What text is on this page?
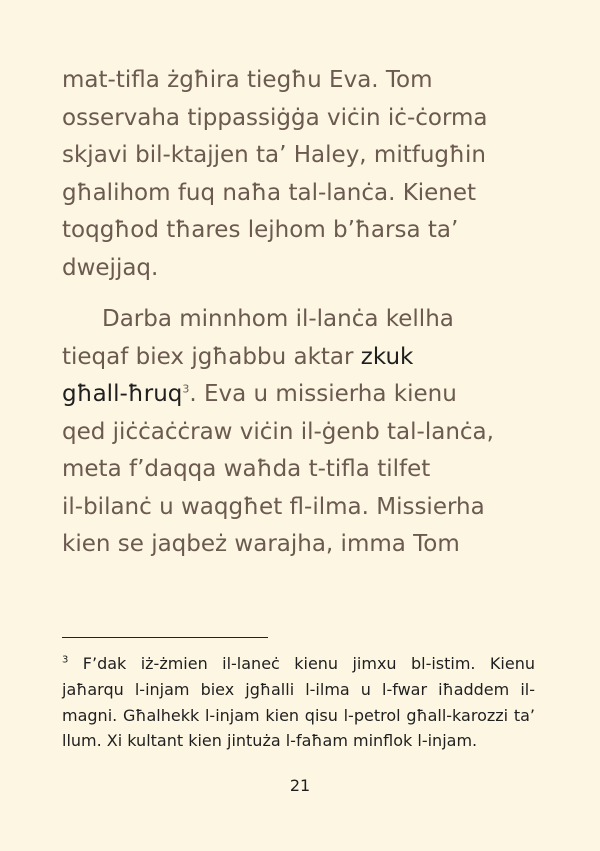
mat-tifla żgħira tiegħu Eva. Tom
osservaha tippassiġġa viċin iċ-ċorma
skjavi bil-ktajjen ta’ Haley, mitfugħin
għalihom fuq naħa tal-lanċa. Kienet
toqgħod tħares lejhom b’ħarsa ta’
dwejjaq.

Darba minnhom il-lanċa kellha
tieqaf biex jgħabbu aktar zkuk
għall-ħruq$^3$. Eva u missierha kienu
qed jiċċaċċraw viċin il-ġenb tal-lanċa,
meta f’daqqa waħda t-tifla tilfet
il-bilanċ u waqgħet fl-ilma. Missierha
kien se jaqbeż warajha, imma Tom

$^3$ F’dak iż-żmien il-laneċ kienu jimxu bl-istim. Kienu jaħarqu l-injam biex jgħalli l-ilma u l-fwar iħaddem il-magni. Għalhekk l-injam kien qisu l-petrol għall-karozzi ta’ llum. Xi kultant kien jintuża l-faħam minflok l-injam.

21
